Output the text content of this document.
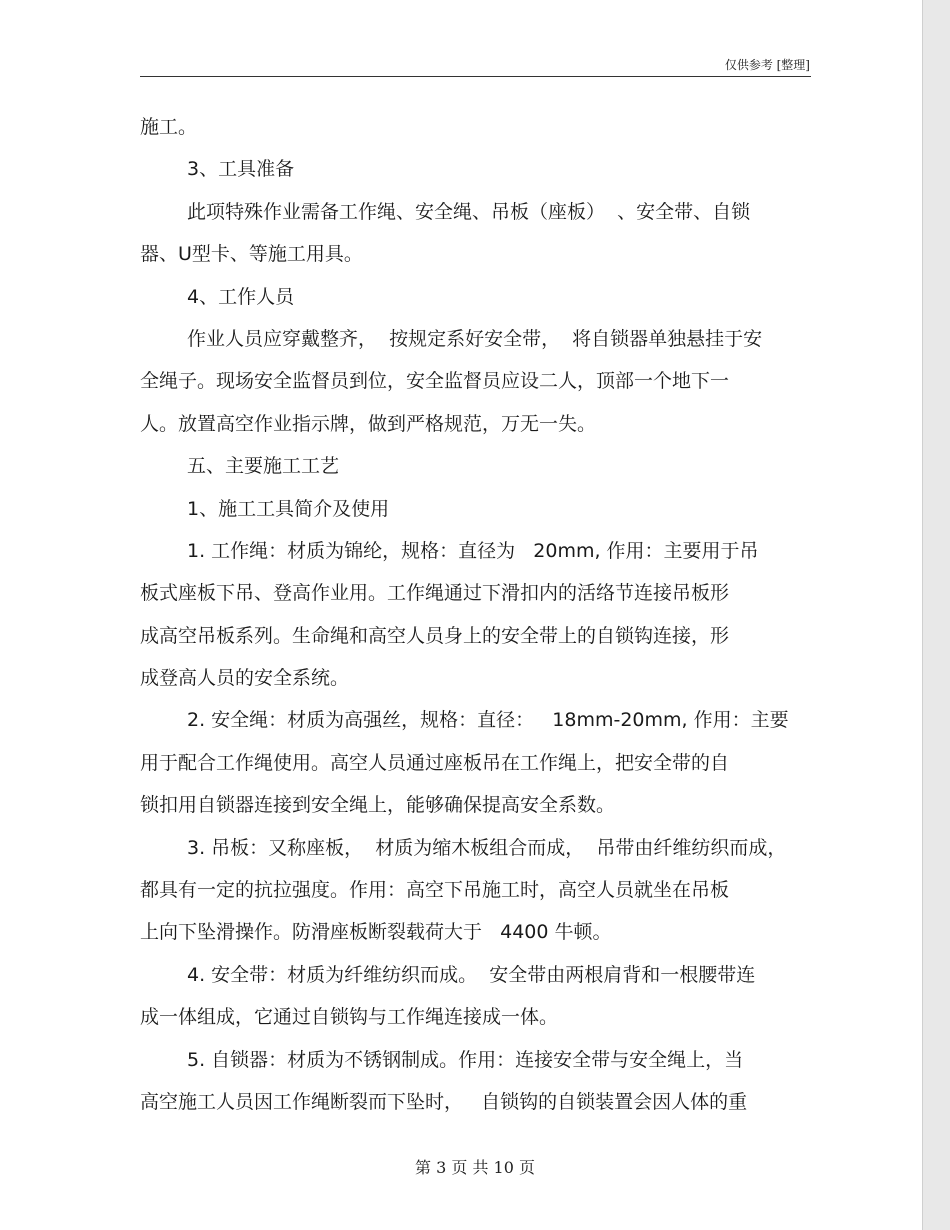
仅供参考 [整理]
施工。
3、工具准备
此项特殊作业需备工作绳、安全绳、吊板（座板）  、安全带、自锁
器、U型卡、等施工用具。
4、工作人员
作业人员应穿戴整齐，  按规定系好安全带，  将自锁器单独悬挂于安
全绳子。现场安全监督员到位，安全监督员应设二人，顶部一个地下一
人。放置高空作业指示牌，做到严格规范，万无一失。
五、主要施工工艺
1、施工工具简介及使用
1. 工作绳：材质为锦纶，规格：直径为   20mm, 作用：主要用于吊
板式座板下吊、登高作业用。工作绳通过下滑扣内的活络节连接吊板形
成高空吊板系列。生命绳和高空人员身上的安全带上的自锁钩连接，形
成登高人员的安全系统。
2. 安全绳：材质为高强丝，规格：直径：   18mm-20mm, 作用：主要
用于配合工作绳使用。高空人员通过座板吊在工作绳上，把安全带的自
锁扣用自锁器连接到安全绳上，能够确保提高安全系数。
3. 吊板：又称座板，  材质为缩木板组合而成，  吊带由纤维纺织而成，
都具有一定的抗拉强度。作用：高空下吊施工时，高空人员就坐在吊板
上向下坠滑操作。防滑座板断裂载荷大于   4400 牛顿。
4. 安全带：材质为纤维纺织而成。  安全带由两根肩背和一根腰带连
成一体组成，它通过自锁钩与工作绳连接成一体。
5. 自锁器：材质为不锈钢制成。作用：连接安全带与安全绳上，当
高空施工人员因工作绳断裂而下坠时，   自锁钩的自锁装置会因人体的重
第 3 页 共 10 页
